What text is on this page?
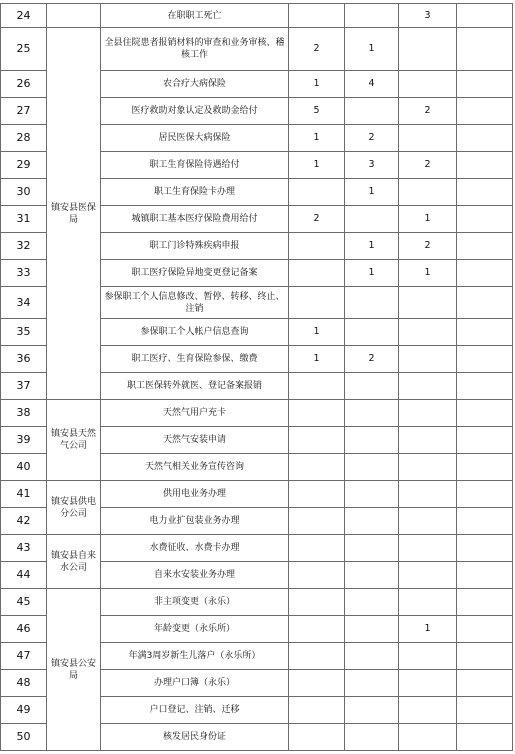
24		在职职工死亡			3	
25	镇安县医保局	全县住院患者报销材料的审查和业务审核、稽核工作	2	1		
26		农合疗大病保险	1	4		
27		医疗救助对象认定及救助金给付	5		2	
28		居民医保大病保险	1	2		
29		职工生育保险待遇给付	1	3	2	
30		职工生育保险卡办理		1		
31		城镇职工基本医疗保险费用给付	2		1	
32		职工门诊特殊疾病申报		1	2	
33		职工医疗保险异地变更登记备案		1	1	
34		参保职工个人信息修改、暂停、转移、终止、注销				
35		参保职工个人帐户信息查询	1			
36		职工医疗、生育保险参保、缴费	1	2		
37		职工医保转外就医、登记备案报销				
38	镇安县天然气公司	天然气用户充卡				
39		天然气安装申请				
40		天然气相关业务宣传咨询				
41	镇安县供电分公司	供用电业务办理				
42		电力业扩包装业务办理				
43	镇安县自来水公司	水费征收、水费卡办理				
44		自来水安装业务办理				
45	镇安县公安局	非主项变更（永乐）				
46		年龄变更（永乐所）			1	
47		年满3周岁新生儿落户（永乐所）				
48		办理户口簿（永乐）				
49		户口登记、注销、迁移				
50		核发居民身份证				
